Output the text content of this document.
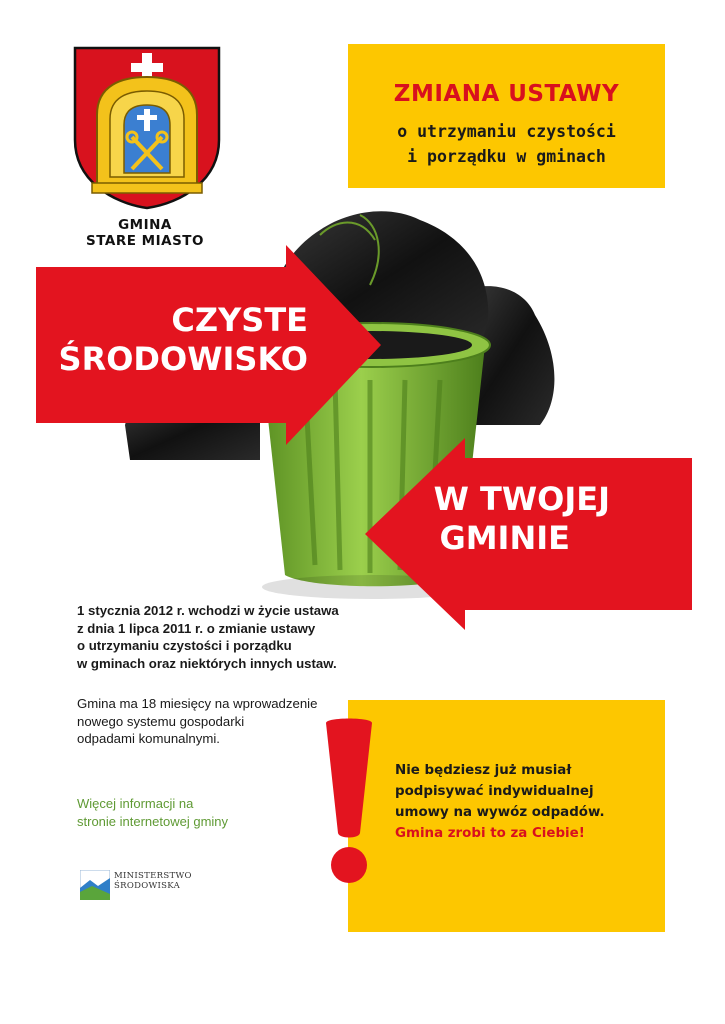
GMINA
STARE MIASTO
ZMIANA USTAWY
o utrzymaniu czystości
i porządku w gminach
CZYSTE
ŚRODOWISKO
W TWOJEJ
GMINIE
1 stycznia 2012 r. wchodzi w życie ustawa
z dnia 1 lipca 2011 r. o zmianie ustawy
o utrzymaniu czystości i porządku
w gminach oraz niektórych innych ustaw.
Gmina ma 18 miesięcy na wprowadzenie
nowego systemu gospodarki
odpadami komunalnymi.
Więcej informacji na
stronie internetowej gminy
Nie będziesz już musiał
podpisywać indywidualnej
umowy na wywóz odpadów.
Gmina zrobi to za Ciebie!
MINISTERSTWO
ŚRODOWISKA
